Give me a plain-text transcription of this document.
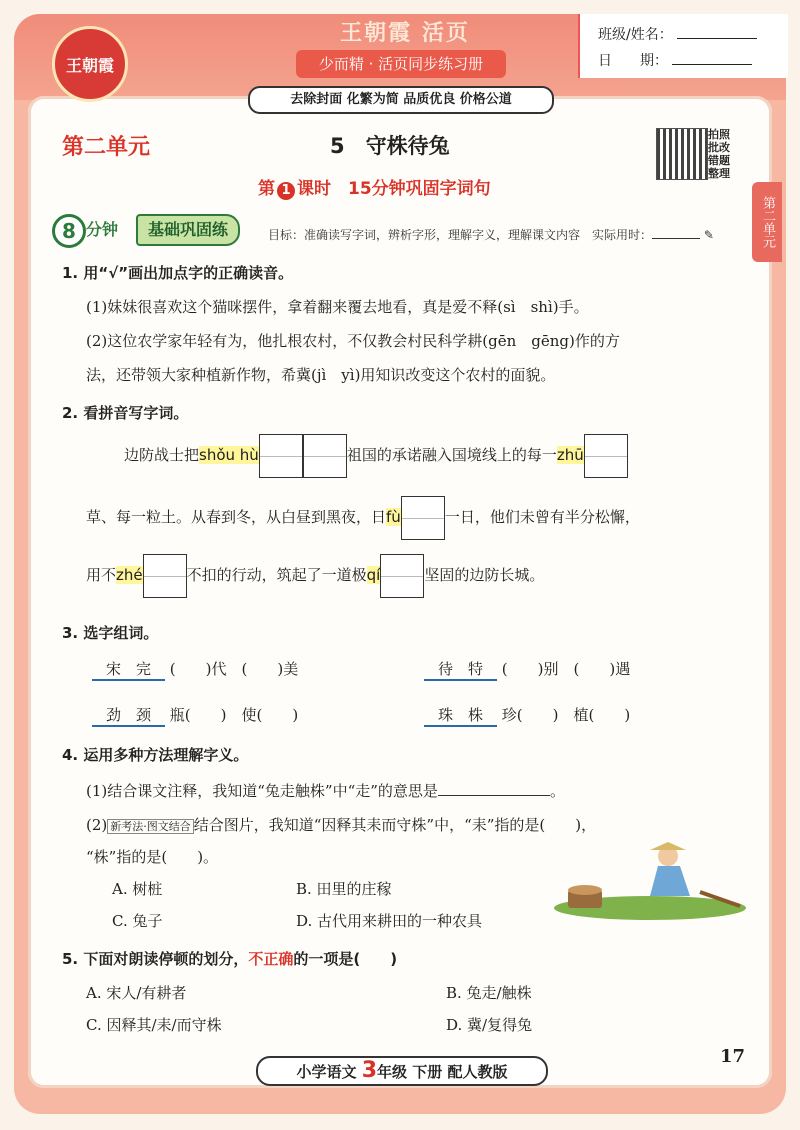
王朝霞
王朝霞 活页
少而精 · 活页同步练习册
班级/姓名：
日　　期：
去除封面 化繁为简 品质优良 价格公道
第二单元	5　守株待兔
第 1 课时　15分钟巩固字词句
拍照批改 错题整理
第二单元
8 分钟	基础巩固练	目标：准确读写字词，辨析字形，理解字义，理解课文内容　实际用时：	✎
1. 用“√”画出加点字的正确读音。
(1)妹妹很喜欢这个猫咪摆件，拿着翻来覆去地看，真是爱不释(sì　shì)手。
(2)这位农学家年轻有为，他扎根农村，不仅教会村民科学耕(gēn　gēng)作的方
法，还带领大家种植新作物，希冀(jì　yì)用知识改变这个农村的面貌。
2. 看拼音写字词。
边防战士把shǒu hù	祖国的承诺融入国境线上的每一zhū
草、每一粒土。从春到冬，从白昼到黑夜，日fù	一日，他们未曾有半分松懈，
用不zhé	不扣的行动，筑起了一道极qí	坚固的边防长城。
3. 选字组词。
宋　完 (　　)代　(　　)美	待　特 (　　)别　(　　)遇
劲　颈 瓶(　　)　使(　　)	珠　株 珍(　　)　植(　　)
4. 运用多种方法理解字义。
(1)结合课文注释，我知道“兔走触株”中“走”的意思是	。
(2) 新考法·图文结合 结合图片，我知道“因释其耒而守株”中，“耒”指的是(　　)，
“株”指的是(　　)。
A. 树桩	B. 田里的庄稼
C. 兔子	D. 古代用来耕田的一种农具
5. 下面对朗读停顿的划分，不正确的一项是(　　)
A. 宋人/有耕者	B. 兔走/触株
C. 因释其/耒/而守株	D. 冀/复得兔
小学语文 3年级 下册 配人教版
17
